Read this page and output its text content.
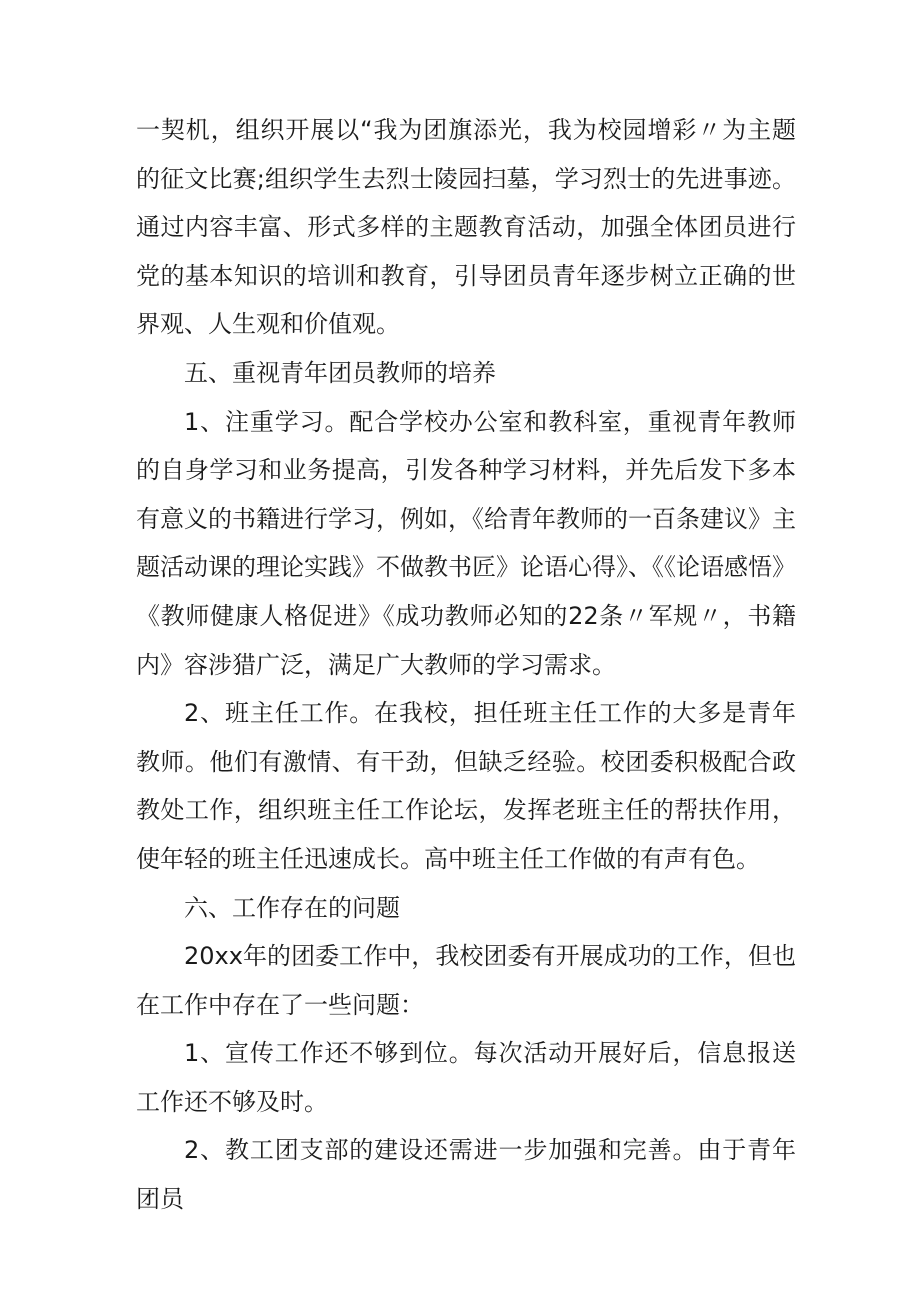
一契机，组织开展以“我为团旗添光，我为校园增彩〃为主题的征文比赛;组织学生去烈士陵园扫墓，学习烈士的先进事迹。通过内容丰富、形式多样的主题教育活动，加强全体团员进行党的基本知识的培训和教育，引导团员青年逐步树立正确的世界观、人生观和价值观。

五、重视青年团员教师的培养

1、注重学习。配合学校办公室和教科室，重视青年教师的自身学习和业务提高，引发各种学习材料，并先后发下多本有意义的书籍进行学习，例如，《给青年教师的一百条建议》主题活动课的理论实践》不做教书匠》论语心得》、《《论语感悟》《教师健康人格促进》《成功教师必知的22条〃军规〃，书籍内》容涉猎广泛，满足广大教师的学习需求。

2、班主任工作。在我校，担任班主任工作的大多是青年教师。他们有激情、有干劲，但缺乏经验。校团委积极配合政教处工作，组织班主任工作论坛，发挥老班主任的帮扶作用，使年轻的班主任迅速成长。高中班主任工作做的有声有色。

六、工作存在的问题

20xx年的团委工作中，我校团委有开展成功的工作，但也在工作中存在了一些问题：

1、宣传工作还不够到位。每次活动开展好后，信息报送工作还不够及时。

2、教工团支部的建设还需进一步加强和完善。由于青年团员
